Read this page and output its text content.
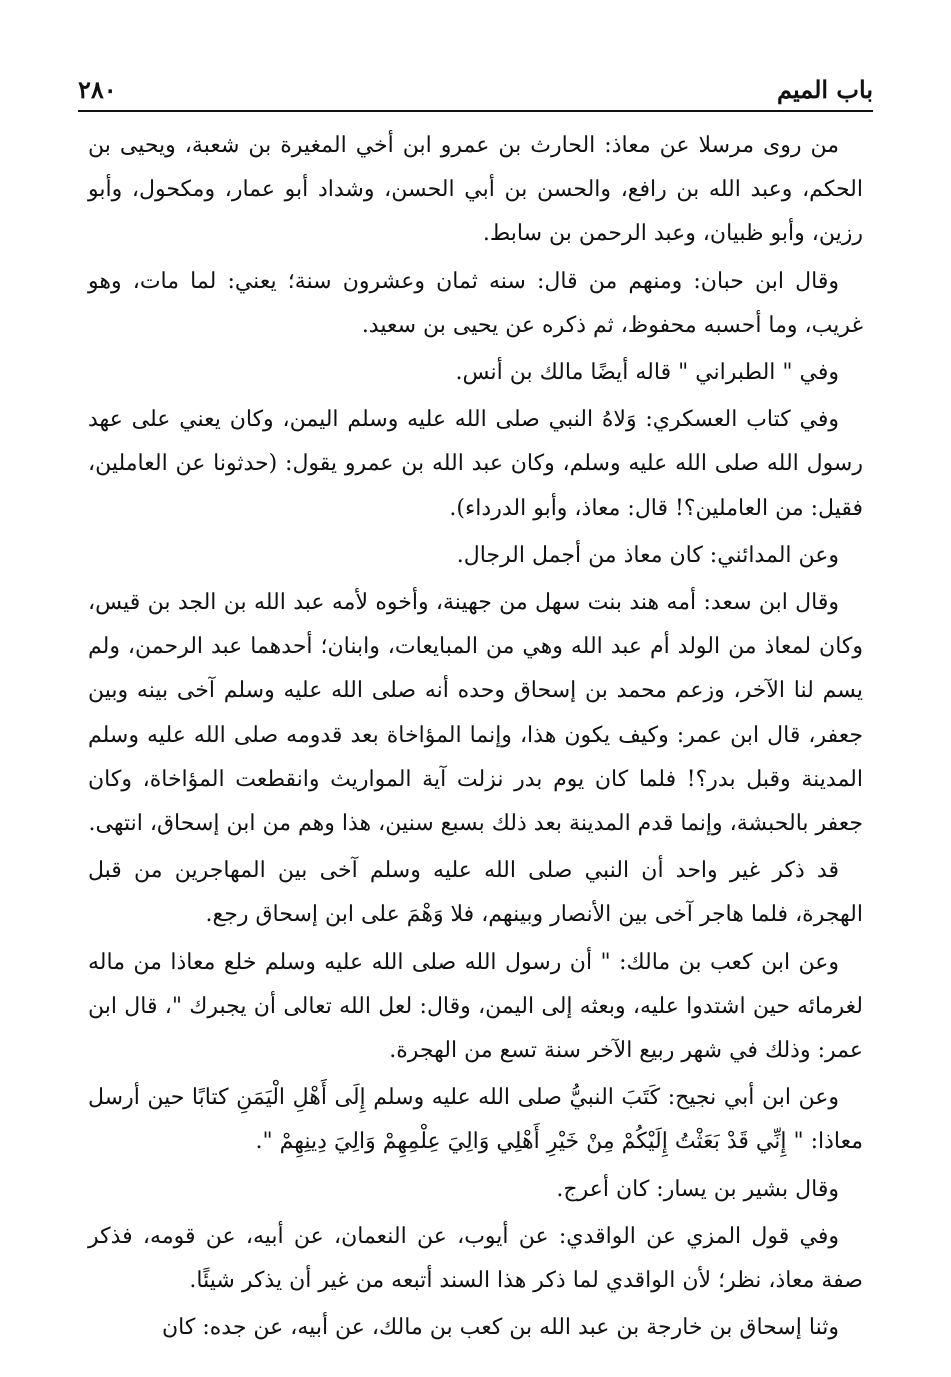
باب الميم
٢٨٠

من روى مرسلا عن معاذ: الحارث بن عمرو ابن أخي المغيرة بن شعبة، ويحيى بن الحكم، وعبد الله بن رافع، والحسن بن أبي الحسن، وشداد أبو عمار، ومكحول، وأبو رزين، وأبو ظبيان، وعبد الرحمن بن سابط.

وقال ابن حبان: ومنهم من قال: سنه ثمان وعشرون سنة؛ يعني: لما مات، وهو غريب، وما أحسبه محفوظ، ثم ذكره عن يحيى بن سعيد.

وفي " الطبراني " قاله أيضًا مالك بن أنس.

وفي كتاب العسكري: وَلاهُ النبي صلى الله عليه وسلم اليمن، وكان يعني على عهد رسول الله صلى الله عليه وسلم، وكان عبد الله بن عمرو يقول: (حدثونا عن العاملين، فقيل: من العاملين؟! قال: معاذ، وأبو الدرداء).

وعن المدائني: كان معاذ من أجمل الرجال.

وقال ابن سعد: أمه هند بنت سهل من جهينة، وأخوه لأمه عبد الله بن الجد بن قيس، وكان لمعاذ من الولد أم عبد الله وهي من المبايعات، وابنان؛ أحدهما عبد الرحمن، ولم يسم لنا الآخر، وزعم محمد بن إسحاق وحده أنه صلى الله عليه وسلم آخى بينه وبين جعفر، قال ابن عمر: وكيف يكون هذا، وإنما المؤاخاة بعد قدومه صلى الله عليه وسلم المدينة وقبل بدر؟! فلما كان يوم بدر نزلت آية المواريث وانقطعت المؤاخاة، وكان جعفر بالحبشة، وإنما قدم المدينة بعد ذلك بسبع سنين، هذا وهم من ابن إسحاق، انتهى.

قد ذكر غير واحد أن النبي صلى الله عليه وسلم آخى بين المهاجرين من قبل الهجرة، فلما هاجر آخى بين الأنصار وبينهم، فلا وَهْمَ على ابن إسحاق رجع.

وعن ابن كعب بن مالك: " أن رسول الله صلى الله عليه وسلم خلع معاذا من ماله لغرمائه حين اشتدوا عليه، وبعثه إلى اليمن، وقال: لعل الله تعالى أن يجبرك "، قال ابن عمر: وذلك في شهر ربيع الآخر سنة تسع من الهجرة.

وعن ابن أبي نجيح: كَتَبَ النبيُّ صلى الله عليه وسلم إِلَى أَهْلِ الْيَمَنِ كتابًا حين أرسل معاذا: " إِنِّي قَدْ بَعَثْتُ إِلَيْكُمْ مِنْ خَيْرِ أَهْلِي وَالِيَ عِلْمِهِمْ وَالِيَ دِينِهِمْ ".

وقال بشير بن يسار: كان أعرج.

وفي قول المزي عن الواقدي: عن أيوب، عن النعمان، عن أبيه، عن قومه، فذكر صفة معاذ، نظر؛ لأن الواقدي لما ذكر هذا السند أتبعه من غير أن يذكر شيئًا.

وثنا إسحاق بن خارجة بن عبد الله بن كعب بن مالك، عن أبيه، عن جده: كان
